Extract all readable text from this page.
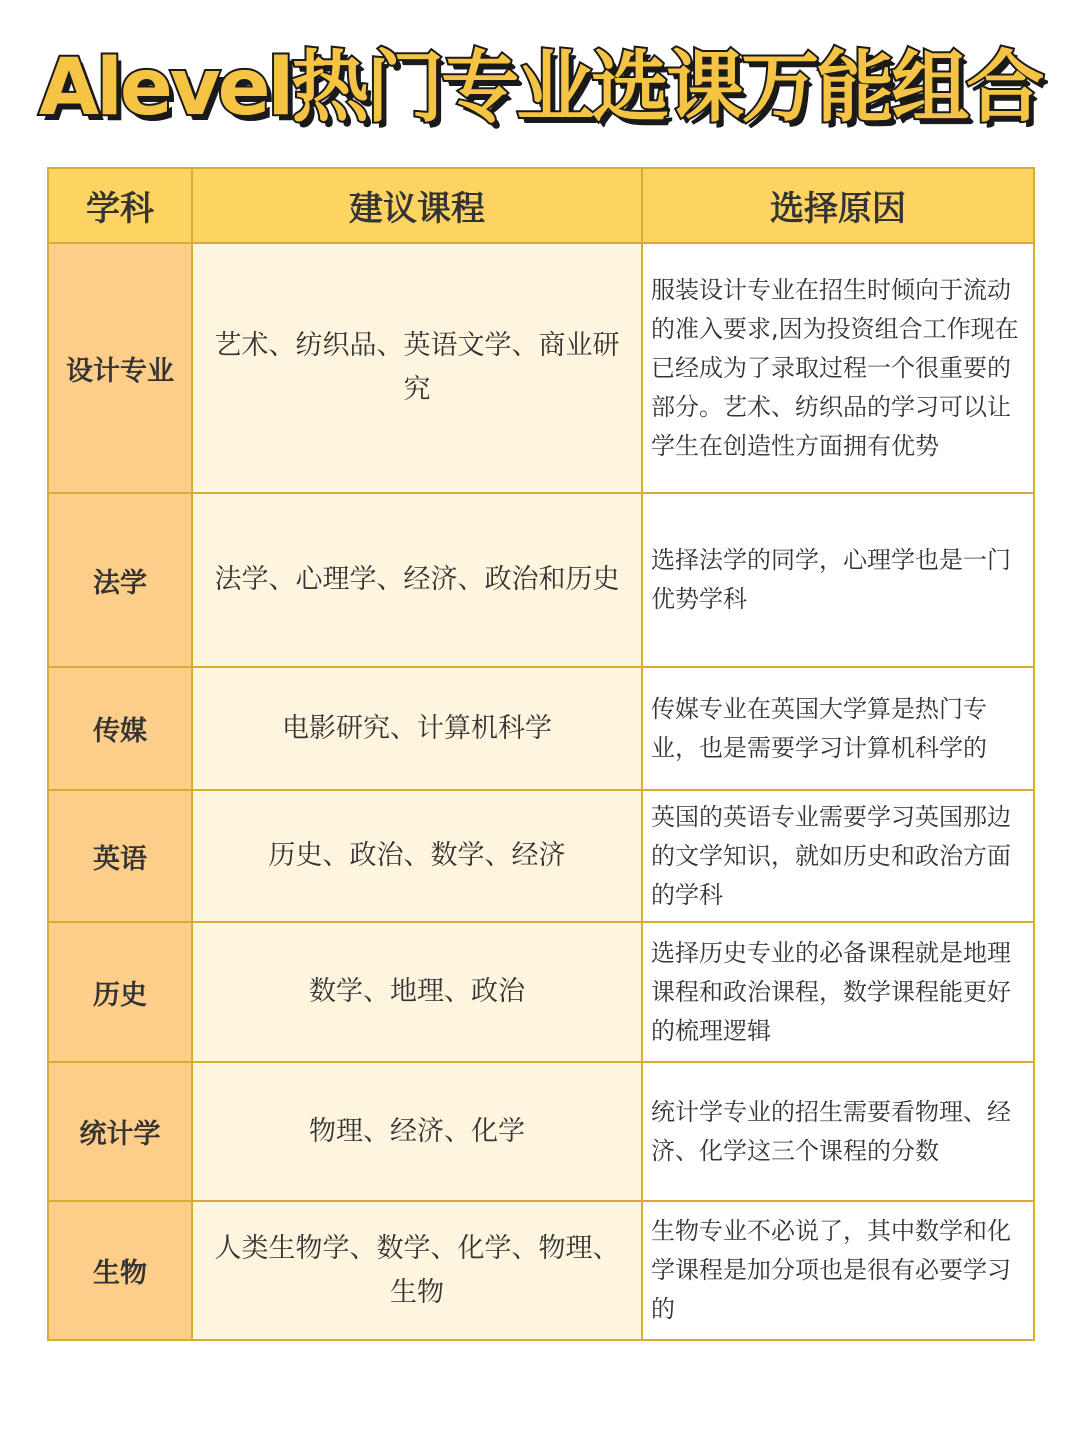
Alevel热门专业选课万能组合
学科	建议课程	选择原因
设计专业	艺术、纺织品、英语文学、商业研究	服装设计专业在招生时倾向于流动的准入要求,因为投资组合工作现在已经成为了录取过程一个很重要的部分。艺术、纺织品的学习可以让学生在创造性方面拥有优势
法学	法学、心理学、经济、政治和历史	选择法学的同学，心理学也是一门优势学科
传媒	电影研究、计算机科学	传媒专业在英国大学算是热门专业，也是需要学习计算机科学的
英语	历史、政治、数学、经济	英国的英语专业需要学习英国那边的文学知识，就如历史和政治方面的学科
历史	数学、地理、政治	选择历史专业的必备课程就是地理课程和政治课程，数学课程能更好的梳理逻辑
统计学	物理、经济、化学	统计学专业的招生需要看物理、经济、化学这三个课程的分数
生物	人类生物学、数学、化学、物理、生物	生物专业不必说了，其中数学和化学课程是加分项也是很有必要学习的
